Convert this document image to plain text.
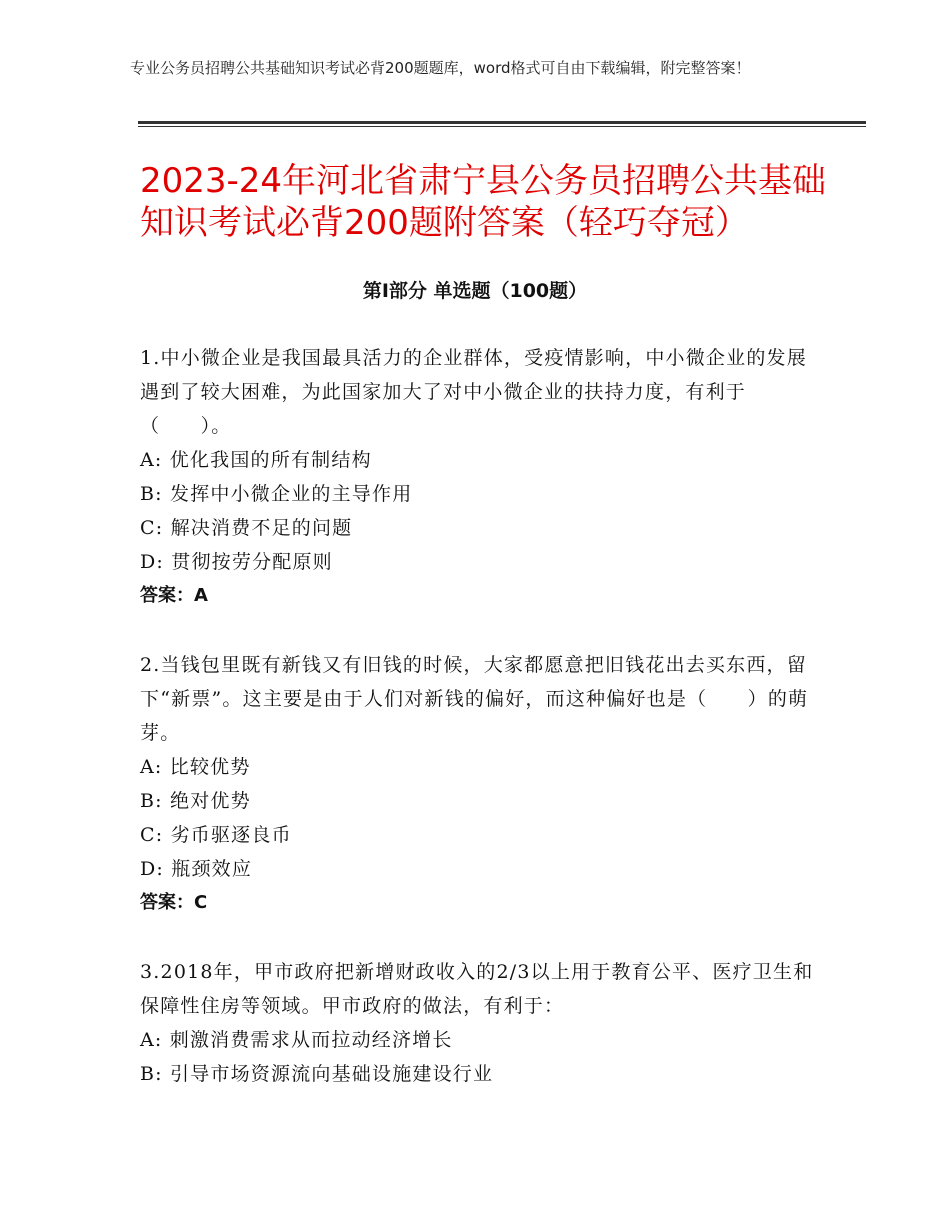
专业公务员招聘公共基础知识考试必背200题题库，word格式可自由下载编辑，附完整答案！
2023-24年河北省肃宁县公务员招聘公共基础知识考试必背200题附答案（轻巧夺冠）
第Ⅰ部分 单选题（100题）
1.中小微企业是我国最具活力的企业群体，受疫情影响，中小微企业的发展遇到了较大困难，为此国家加大了对中小微企业的扶持力度，有利于（　　）。
A: 优化我国的所有制结构
B: 发挥中小微企业的主导作用
C: 解决消费不足的问题
D: 贯彻按劳分配原则
答案：A
2.当钱包里既有新钱又有旧钱的时候，大家都愿意把旧钱花出去买东西，留下“新票”。这主要是由于人们对新钱的偏好，而这种偏好也是（　　）的萌芽。
A: 比较优势
B: 绝对优势
C: 劣币驱逐良币
D: 瓶颈效应
答案：C
3.2018年，甲市政府把新增财政收入的2/3以上用于教育公平、医疗卫生和保障性住房等领域。甲市政府的做法，有利于：
A: 刺激消费需求从而拉动经济增长
B: 引导市场资源流向基础设施建设行业
